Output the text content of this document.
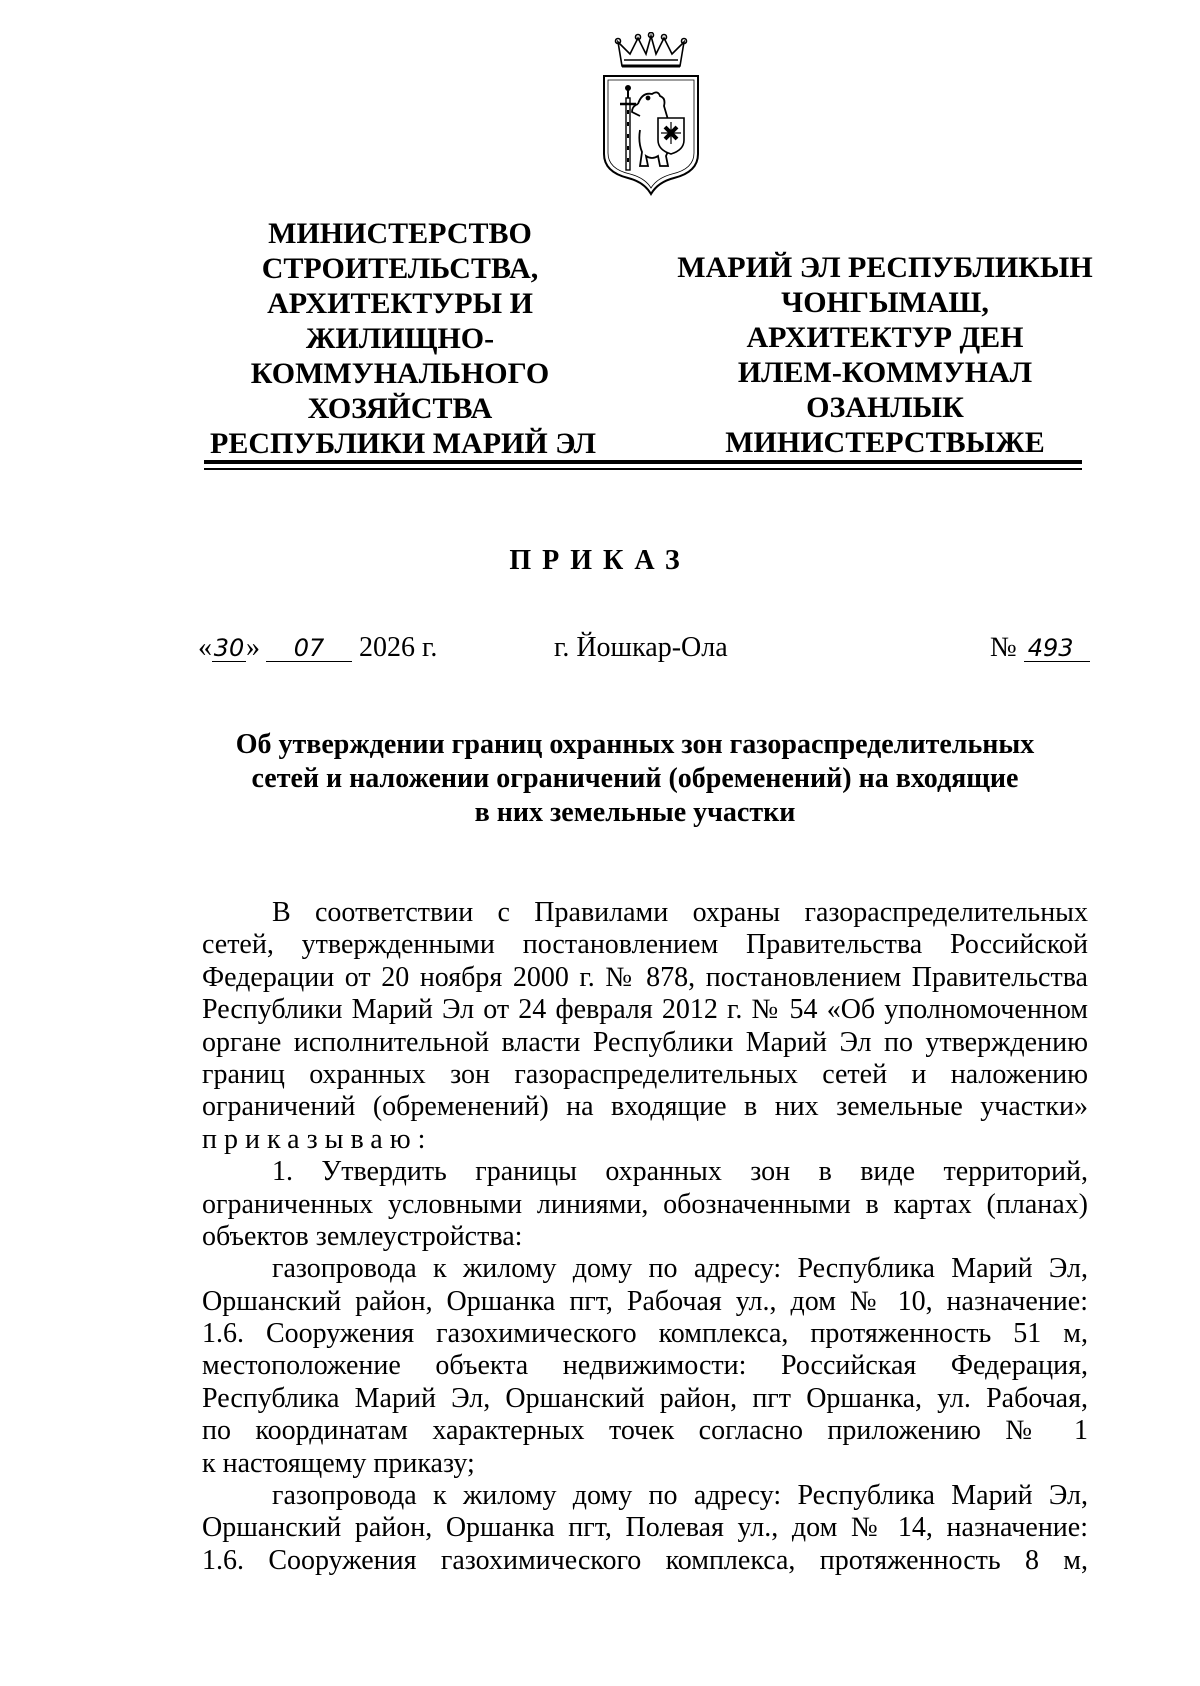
МИНИСТЕРСТВО
СТРОИТЕЛЬСТВА,
АРХИТЕКТУРЫ И
ЖИЛИЩНО-
КОММУНАЛЬНОГО
ХОЗЯЙСТВА
РЕСПУБЛИКИ МАРИЙ ЭЛ
МАРИЙ ЭЛ РЕСПУБЛИКЫН
ЧОНГЫМАШ,
АРХИТЕКТУР ДЕН
ИЛЕМ-КОММУНАЛ
ОЗАНЛЫК
МИНИСТЕРСТВЫЖЕ
ПРИКАЗ
«30» 07 2026 г.	г. Йошкар-Ола	№ 493
Об утверждении границ охранных зон газораспределительных
сетей и наложении ограничений (обременений) на входящие
в них земельные участки
В соответствии с Правилами охраны газораспределительных
сетей, утвержденными постановлением Правительства Российской
Федерации от 20 ноября 2000 г. № 878, постановлением Правительства
Республики Марий Эл от 24 февраля 2012 г. № 54 «Об уполномоченном
органе исполнительной власти Республики Марий Эл по утверждению
границ охранных зон газораспределительных сетей и наложению
ограничений (обременений) на входящие в них земельные участки»
приказываю:
1. Утвердить границы охранных зон в виде территорий,
ограниченных условными линиями, обозначенными в картах (планах)
объектов землеустройства:
газопровода к жилому дому по адресу: Республика Марий Эл,
Оршанский район, Оршанка пгт, Рабочая ул., дом № 10, назначение:
1.6. Сооружения газохимического комплекса, протяженность 51 м,
местоположение объекта недвижимости: Российская Федерация,
Республика Марий Эл, Оршанский район, пгт Оршанка, ул. Рабочая,
по координатам характерных точек согласно приложению № 1
к настоящему приказу;
газопровода к жилому дому по адресу: Республика Марий Эл,
Оршанский район, Оршанка пгт, Полевая ул., дом № 14, назначение:
1.6. Сооружения газохимического комплекса, протяженность 8 м,
